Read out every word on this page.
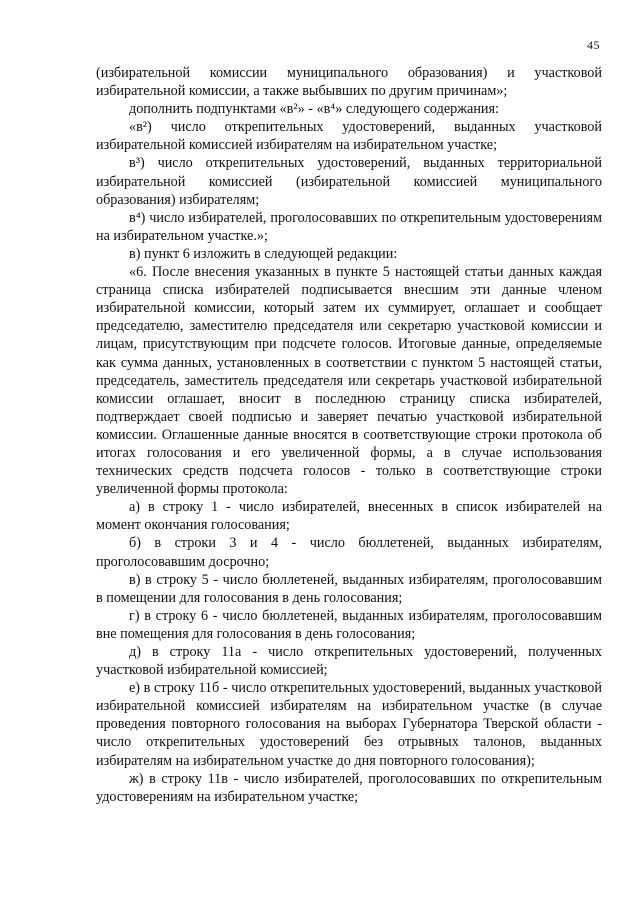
45

(избирательной комиссии муниципального образования) и участковой избирательной комиссии, а также выбывших по другим причинам»;

дополнить подпунктами «в²» - «в⁴» следующего содержания:

«в²) число открепительных удостоверений, выданных участковой избирательной комиссией избирателям на избирательном участке;

в³) число открепительных удостоверений, выданных территориальной избирательной комиссией (избирательной комиссией муниципального образования) избирателям;

в⁴) число избирателей, проголосовавших по открепительным удостоверениям на избирательном участке.»;

в) пункт 6 изложить в следующей редакции:

«6. После внесения указанных в пункте 5 настоящей статьи данных каждая страница списка избирателей подписывается внесшим эти данные членом избирательной комиссии, который затем их суммирует, оглашает и сообщает председателю, заместителю председателя или секретарю участковой комиссии и лицам, присутствующим при подсчете голосов. Итоговые данные, определяемые как сумма данных, установленных в соответствии с пунктом 5 настоящей статьи, председатель, заместитель председателя или секретарь участковой избирательной комиссии оглашает, вносит в последнюю страницу списка избирателей, подтверждает своей подписью и заверяет печатью участковой избирательной комиссии. Оглашенные данные вносятся в соответствующие строки протокола об итогах голосования и его увеличенной формы, а в случае использования технических средств подсчета голосов - только в соответствующие строки увеличенной формы протокола:

а) в строку 1 - число избирателей, внесенных в список избирателей на момент окончания голосования;

б) в строки 3 и 4 - число бюллетеней, выданных избирателям, проголосовавшим досрочно;

в) в строку 5 - число бюллетеней, выданных избирателям, проголосовавшим в помещении для голосования в день голосования;

г) в строку 6 - число бюллетеней, выданных избирателям, проголосовавшим вне помещения для голосования в день голосования;

д) в строку 11а - число открепительных удостоверений, полученных участковой избирательной комиссией;

е) в строку 11б - число открепительных удостоверений, выданных участковой избирательной комиссией избирателям на избирательном участке (в случае проведения повторного голосования на выборах Губернатора Тверской области - число открепительных удостоверений без отрывных талонов, выданных избирателям на избирательном участке до дня повторного голосования);

ж) в строку 11в - число избирателей, проголосовавших по открепительным удостоверениям на избирательном участке;
